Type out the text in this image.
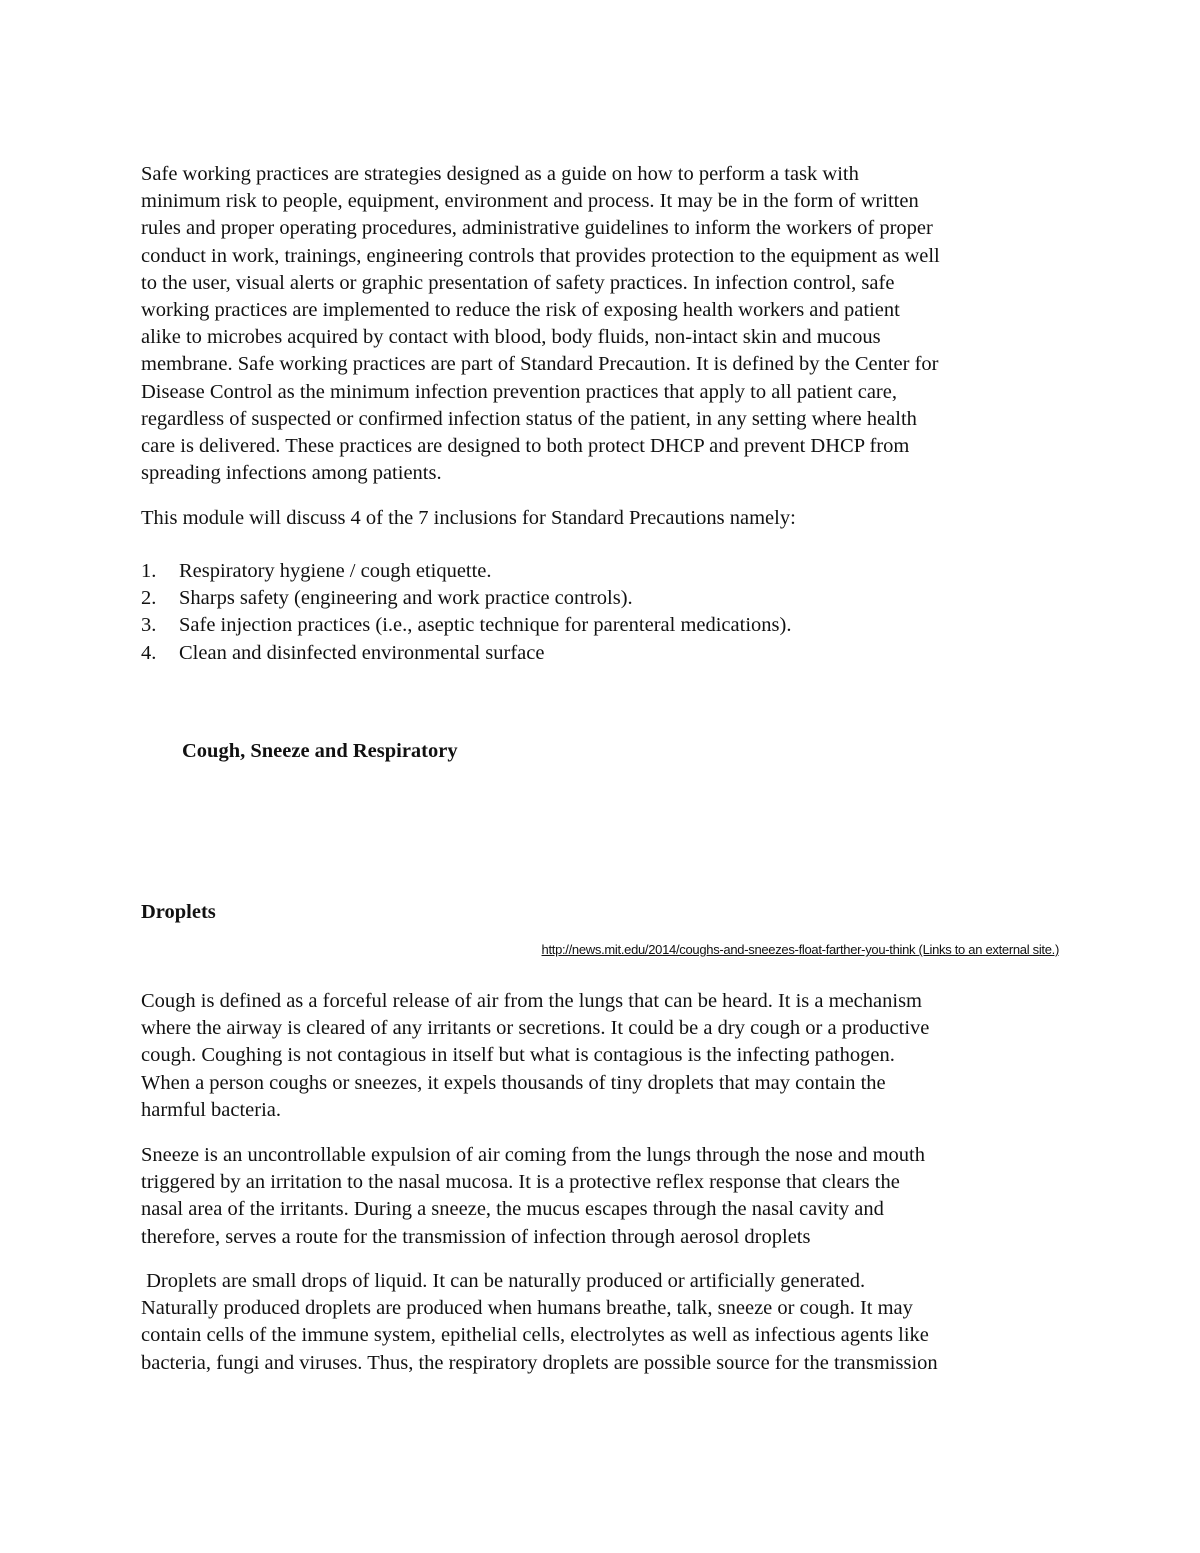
Safe working practices are strategies designed as a guide on how to perform a task with
minimum risk to people, equipment, environment and process. It may be in the form of written
rules and proper operating procedures, administrative guidelines to inform the workers of proper
conduct in work, trainings, engineering controls that provides protection to the equipment as well
to the user, visual alerts or graphic presentation of safety practices. In infection control, safe
working practices are implemented to reduce the risk of exposing health workers and patient
alike to microbes acquired by contact with blood, body fluids, non-intact skin and mucous
membrane. Safe working practices are part of Standard Precaution. It is defined by the Center for
Disease Control as the minimum infection prevention practices that apply to all patient care,
regardless of suspected or confirmed infection status of the patient, in any setting where health
care is delivered. These practices are designed to both protect DHCP and prevent DHCP from
spreading infections among patients.
This module will discuss 4 of the 7 inclusions for Standard Precautions namely:
1. Respiratory hygiene / cough etiquette.
2. Sharps safety (engineering and work practice controls).
3. Safe injection practices (i.e., aseptic technique for parenteral medications).
4. Clean and disinfected environmental surface
Cough, Sneeze and Respiratory
Droplets
http://news.mit.edu/2014/coughs-and-sneezes-float-farther-you-think (Links to an external site.)
Cough is defined as a forceful release of air from the lungs that can be heard. It is a mechanism
where the airway is cleared of any irritants or secretions. It could be a dry cough or a productive
cough. Coughing is not contagious in itself but what is contagious is the infecting pathogen.
When a person coughs or sneezes, it expels thousands of tiny droplets that may contain the
harmful bacteria.
Sneeze is an uncontrollable expulsion of air coming from the lungs through the nose and mouth
triggered by an irritation to the nasal mucosa. It is a protective reflex response that clears the
nasal area of the irritants. During a sneeze, the mucus escapes through the nasal cavity and
therefore, serves a route for the transmission of infection through aerosol droplets
Droplets are small drops of liquid. It can be naturally produced or artificially generated.
Naturally produced droplets are produced when humans breathe, talk, sneeze or cough. It may
contain cells of the immune system, epithelial cells, electrolytes as well as infectious agents like
bacteria, fungi and viruses. Thus, the respiratory droplets are possible source for the transmission
